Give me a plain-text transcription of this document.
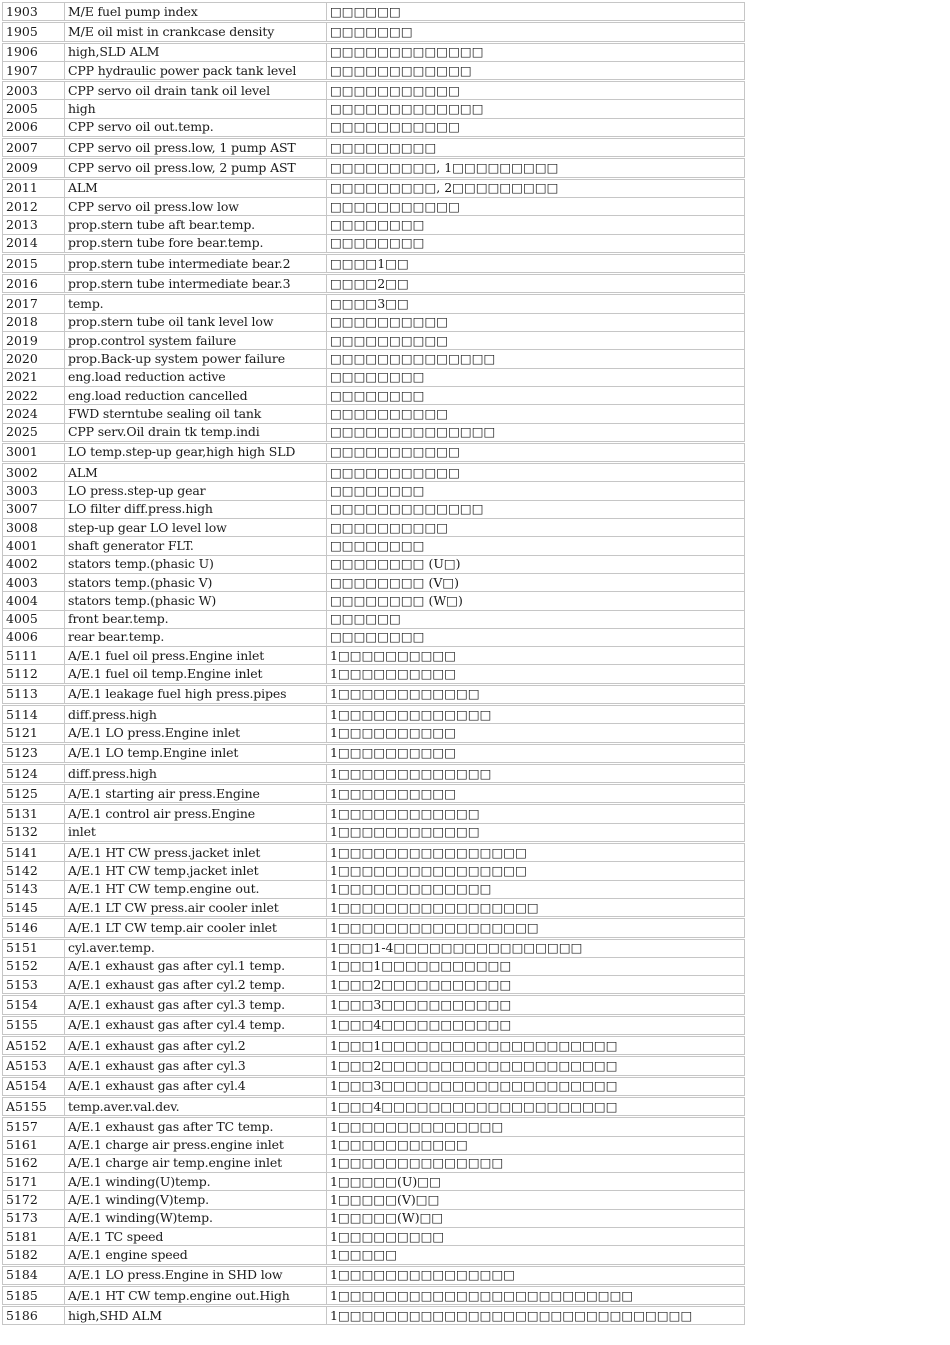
1903	M/E fuel pump index	□□□□□□
1905	M/E oil mist in crankcase density	□□□□□□□
1906	high,SLD ALM	□□□□□□□□□□□□□
1907	CPP hydraulic power pack tank level	□□□□□□□□□□□□
2003	CPP servo oil drain tank oil level	□□□□□□□□□□□
2005	high	□□□□□□□□□□□□□
2006	CPP servo oil out.temp.	□□□□□□□□□□□
2007	CPP servo oil press.low, 1 pump AST	□□□□□□□□□
2009	CPP servo oil press.low, 2 pump AST	□□□□□□□□□, 1□□□□□□□□□
2011	ALM	□□□□□□□□□, 2□□□□□□□□□
2012	CPP servo oil press.low low	□□□□□□□□□□□
2013	prop.stern tube aft bear.temp.	□□□□□□□□
2014	prop.stern tube fore bear.temp.	□□□□□□□□
2015	prop.stern tube intermediate bear.2	□□□□1□□
2016	prop.stern tube intermediate bear.3	□□□□2□□
2017	temp.	□□□□3□□
2018	prop.stern tube oil tank level low	□□□□□□□□□□
2019	prop.control system failure	□□□□□□□□□□
2020	prop.Back-up system power failure	□□□□□□□□□□□□□□
2021	eng.load reduction active	□□□□□□□□
2022	eng.load reduction cancelled	□□□□□□□□
2024	FWD sterntube sealing oil tank	□□□□□□□□□□
2025	CPP serv.Oil drain tk temp.indi	□□□□□□□□□□□□□□
3001	LO temp.step-up gear,high high SLD	□□□□□□□□□□□
3002	ALM	□□□□□□□□□□□
3003	LO press.step-up gear	□□□□□□□□
3007	LO filter diff.press.high	□□□□□□□□□□□□□
3008	step-up gear LO level low	□□□□□□□□□□
4001	shaft generator FLT.	□□□□□□□□
4002	stators temp.(phasic U)	□□□□□□□□ (U□)
4003	stators temp.(phasic V)	□□□□□□□□ (V□)
4004	stators temp.(phasic W)	□□□□□□□□ (W□)
4005	front bear.temp.	□□□□□□
4006	rear bear.temp.	□□□□□□□□
5111	A/E.1 fuel oil press.Engine inlet	1□□□□□□□□□□
5112	A/E.1 fuel oil temp.Engine inlet	1□□□□□□□□□□
5113	A/E.1 leakage fuel high press.pipes	1□□□□□□□□□□□□
5114	diff.press.high	1□□□□□□□□□□□□□
5121	A/E.1 LO press.Engine inlet	1□□□□□□□□□□
5123	A/E.1 LO temp.Engine inlet	1□□□□□□□□□□
5124	diff.press.high	1□□□□□□□□□□□□□
5125	A/E.1 starting air press.Engine	1□□□□□□□□□□
5131	A/E.1 control air press.Engine	1□□□□□□□□□□□□
5132	inlet	1□□□□□□□□□□□□
5141	A/E.1 HT CW press.jacket inlet	1□□□□□□□□□□□□□□□□
5142	A/E.1 HT CW temp.jacket inlet	1□□□□□□□□□□□□□□□□
5143	A/E.1 HT CW temp.engine out.	1□□□□□□□□□□□□□
5145	A/E.1 LT CW press.air cooler inlet	1□□□□□□□□□□□□□□□□□
5146	A/E.1 LT CW temp.air cooler inlet	1□□□□□□□□□□□□□□□□□
5151	cyl.aver.temp.	1□□□1-4□□□□□□□□□□□□□□□□
5152	A/E.1 exhaust gas after cyl.1 temp.	1□□□1□□□□□□□□□□□
5153	A/E.1 exhaust gas after cyl.2 temp.	1□□□2□□□□□□□□□□□
5154	A/E.1 exhaust gas after cyl.3 temp.	1□□□3□□□□□□□□□□□
5155	A/E.1 exhaust gas after cyl.4 temp.	1□□□4□□□□□□□□□□□
A5152	A/E.1 exhaust gas after cyl.2	1□□□1□□□□□□□□□□□□□□□□□□□□
A5153	A/E.1 exhaust gas after cyl.3	1□□□2□□□□□□□□□□□□□□□□□□□□
A5154	A/E.1 exhaust gas after cyl.4	1□□□3□□□□□□□□□□□□□□□□□□□□
A5155	temp.aver.val.dev.	1□□□4□□□□□□□□□□□□□□□□□□□□
5157	A/E.1 exhaust gas after TC temp.	1□□□□□□□□□□□□□□
5161	A/E.1 charge air press.engine inlet	1□□□□□□□□□□□
5162	A/E.1 charge air temp.engine inlet	1□□□□□□□□□□□□□□
5171	A/E.1 winding(U)temp.	1□□□□□(U)□□
5172	A/E.1 winding(V)temp.	1□□□□□(V)□□
5173	A/E.1 winding(W)temp.	1□□□□□(W)□□
5181	A/E.1 TC speed	1□□□□□□□□□
5182	A/E.1 engine speed	1□□□□□
5184	A/E.1 LO press.Engine in SHD low	1□□□□□□□□□□□□□□□
5185	A/E.1 HT CW temp.engine out.High	1□□□□□□□□□□□□□□□□□□□□□□□□□
5186	high,SHD ALM	1□□□□□□□□□□□□□□□□□□□□□□□□□□□□□□
